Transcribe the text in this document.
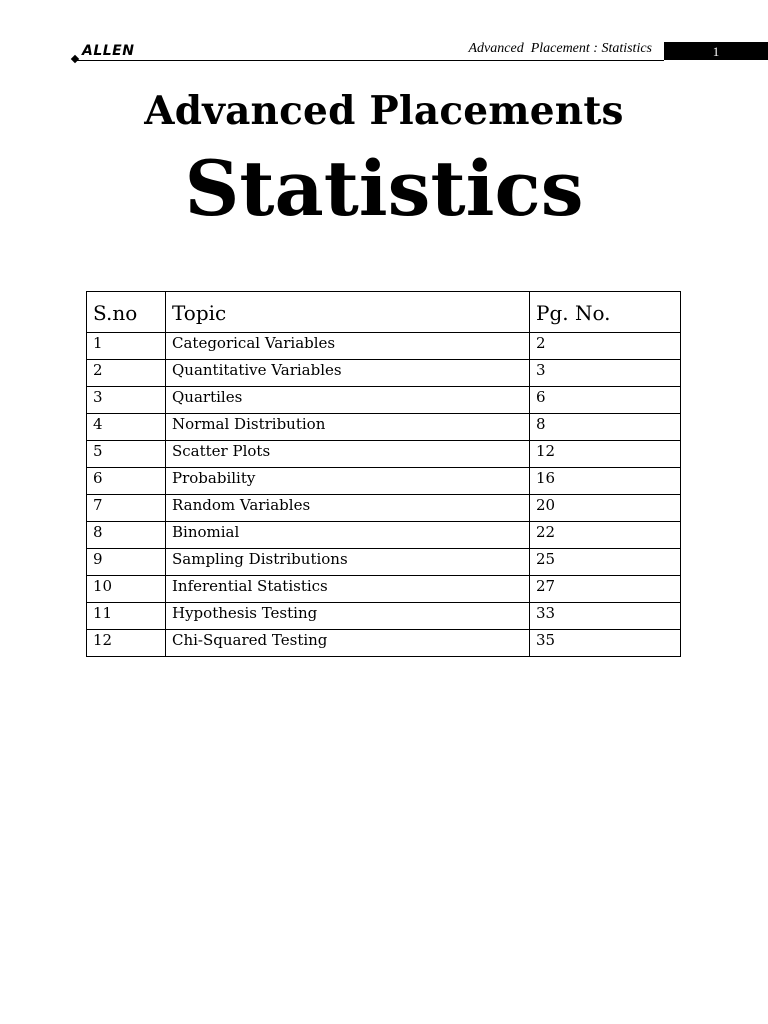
ALLEN	Advanced  Placement : Statistics	1
Advanced Placements
Statistics
S.no	Topic	Pg. No.
1	Categorical Variables	2
2	Quantitative Variables	3
3	Quartiles	6
4	Normal Distribution	8
5	Scatter Plots	12
6	Probability	16
7	Random Variables	20
8	Binomial	22
9	Sampling Distributions	25
10	Inferential Statistics	27
11	Hypothesis Testing	33
12	Chi-Squared Testing	35
